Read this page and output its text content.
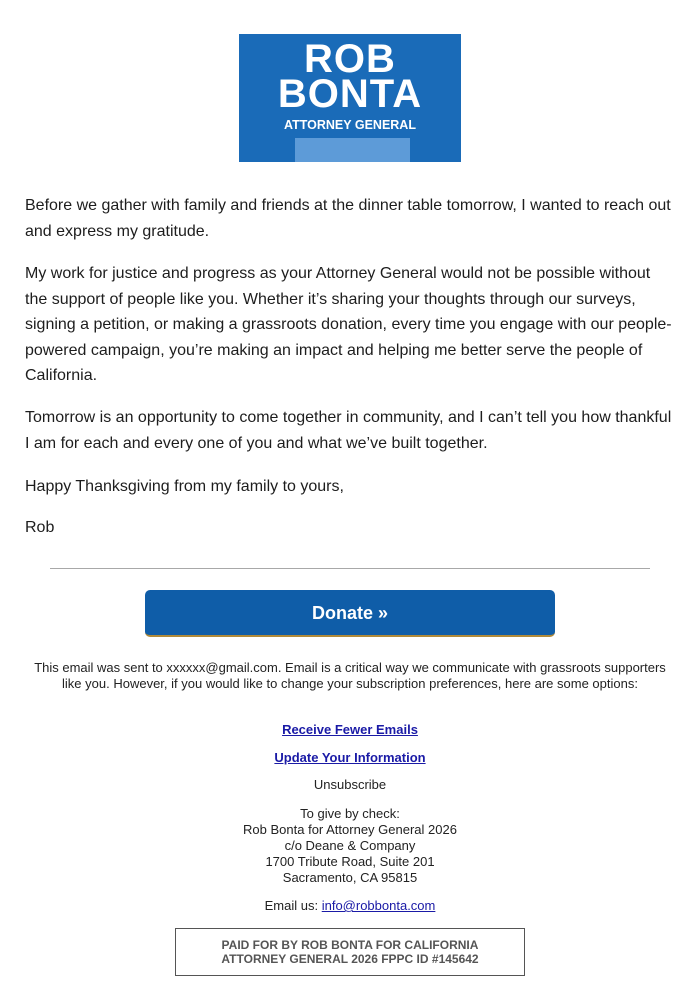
ROB
BONTA
ATTORNEY GENERAL

Before we gather with family and friends at the dinner table tomorrow, I wanted to reach out and express my gratitude.

My work for justice and progress as your Attorney General would not be possible without the support of people like you. Whether it’s sharing your thoughts through our surveys, signing a petition, or making a grassroots donation, every time you engage with our people-powered campaign, you’re making an impact and helping me better serve the people of California.

Tomorrow is an opportunity to come together in community, and I can’t tell you how thankful I am for each and every one of you and what we’ve built together.

Happy Thanksgiving from my family to yours,

Rob

Donate »
This email was sent to xxxxxx@gmail.com. Email is a critical way we communicate with grassroots supporters like you. However, if you would like to change your subscription preferences, here are some options:
Receive Fewer Emails
Update Your Information
Unsubscribe
To give by check:
Rob Bonta for Attorney General 2026
c/o Deane & Company
1700 Tribute Road, Suite 201
Sacramento, CA 95815
Email us: info@robbonta.com
PAID FOR BY ROB BONTA FOR CALIFORNIA
ATTORNEY GENERAL 2026 FPPC ID #145642
